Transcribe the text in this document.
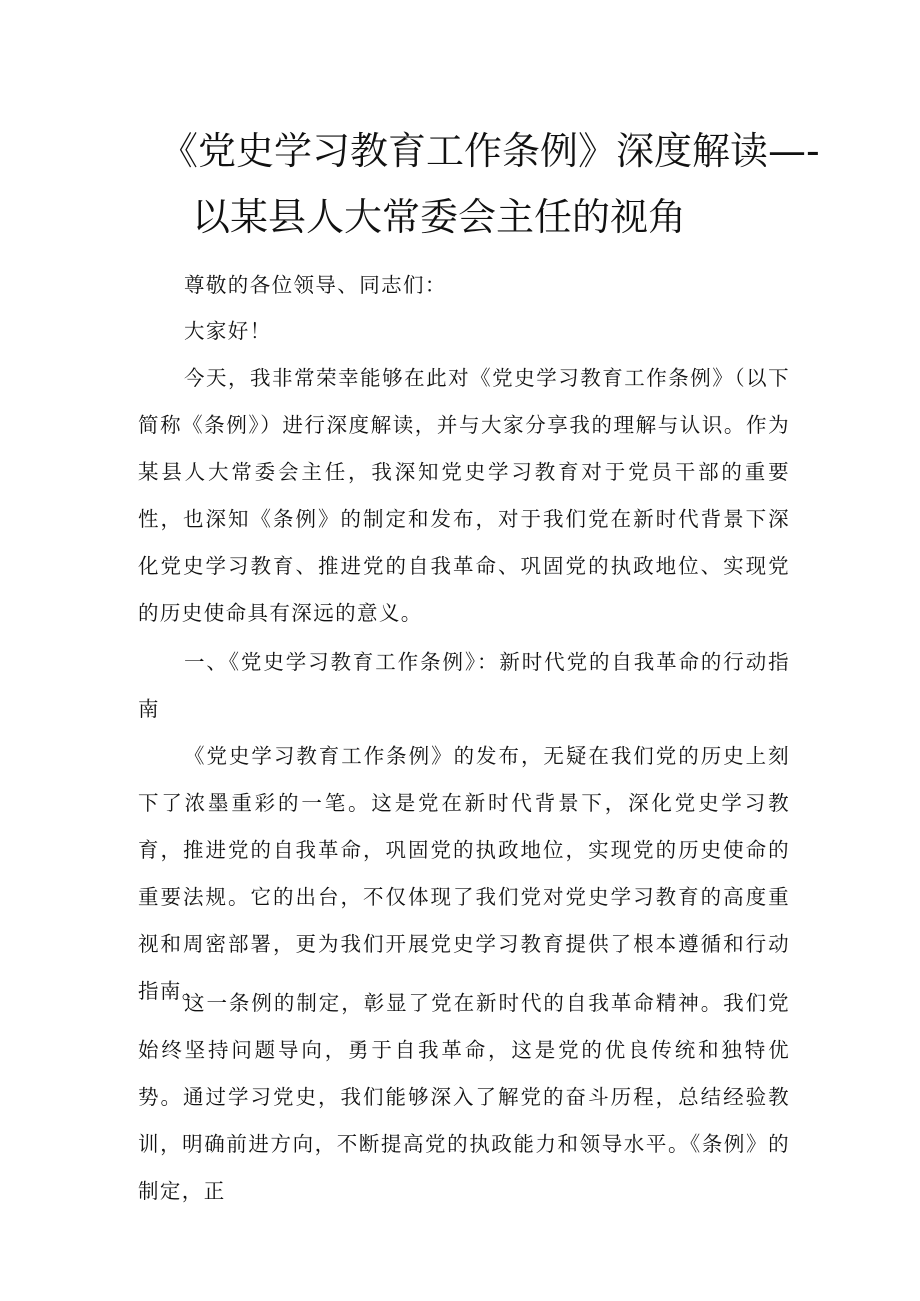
《党史学习教育工作条例》深度解读—-
以某县人大常委会主任的视角

尊敬的各位领导、同志们：

大家好！

今天，我非常荣幸能够在此对《党史学习教育工作条例》（以下简称《条例》）进行深度解读，并与大家分享我的理解与认识。作为某县人大常委会主任，我深知党史学习教育对于党员干部的重要性，也深知《条例》的制定和发布，对于我们党在新时代背景下深化党史学习教育、推进党的自我革命、巩固党的执政地位、实现党的历史使命具有深远的意义。

一、《党史学习教育工作条例》：新时代党的自我革命的行动指南

《党史学习教育工作条例》的发布，无疑在我们党的历史上刻下了浓墨重彩的一笔。这是党在新时代背景下，深化党史学习教育，推进党的自我革命，巩固党的执政地位，实现党的历史使命的重要法规。它的出台，不仅体现了我们党对党史学习教育的高度重视和周密部署，更为我们开展党史学习教育提供了根本遵循和行动指南。

这一条例的制定，彰显了党在新时代的自我革命精神。我们党始终坚持问题导向，勇于自我革命，这是党的优良传统和独特优势。通过学习党史，我们能够深入了解党的奋斗历程，总结经验教训，明确前进方向，不断提高党的执政能力和领导水平。《条例》的制定，正
